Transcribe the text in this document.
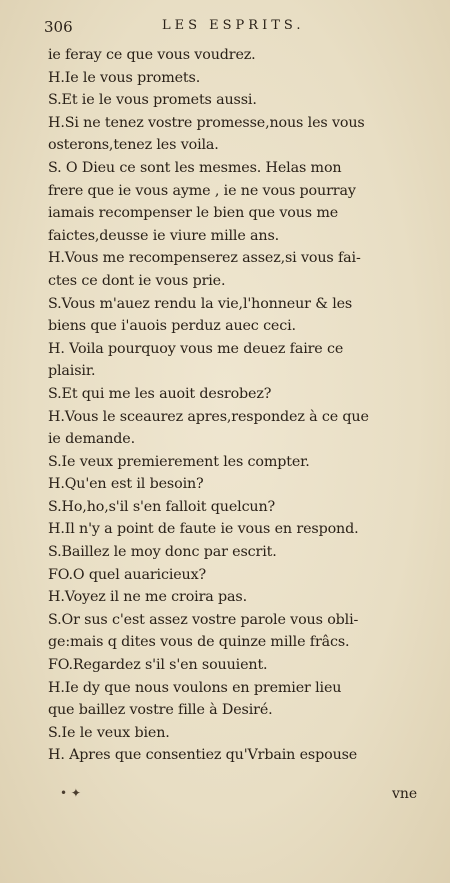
306	LES ESPRITS.
ie feray ce que vous voudrez.
H.Ie le vous promets.
S.Et ie le vous promets aussi.
H.Si ne tenez vostre promesse,nous les vous
osterons,tenez les voila.
S. O Dieu ce sont les mesmes. Helas mon
frere que ie vous ayme , ie ne vous pourray
iamais recompenser le bien que vous me
faictes,deusse ie viure mille ans.
H.Vous me recompenserez assez,si vous fai-
ctes ce dont ie vous prie.
S.Vous m'auez rendu la vie,l'honneur & les
biens que i'auois perduz auec ceci.
H. Voila pourquoy vous me deuez faire ce
plaisir.
S.Et qui me les auoit desrobez?
H.Vous le sceaurez apres,respondez à ce que
ie demande.
S.Ie veux premierement les compter.
H.Qu'en est il besoin?
S.Ho,ho,s'il s'en falloit quelcun?
H.Il n'y a point de faute ie vous en respond.
S.Baillez le moy donc par escrit.
FO.O quel auaricieux?
H.Voyez il ne me croira pas.
S.Or sus c'est assez vostre parole vous obli-
ge:mais q dites vous de quinze mille frâcs.
FO.Regardez s'il s'en souuient.
H.Ie dy que nous voulons en premier lieu
que baillez vostre fille à Desiré.
S.Ie le veux bien.
H. Apres que consentiez qu'Vrbain espouse
• ✦	vne
